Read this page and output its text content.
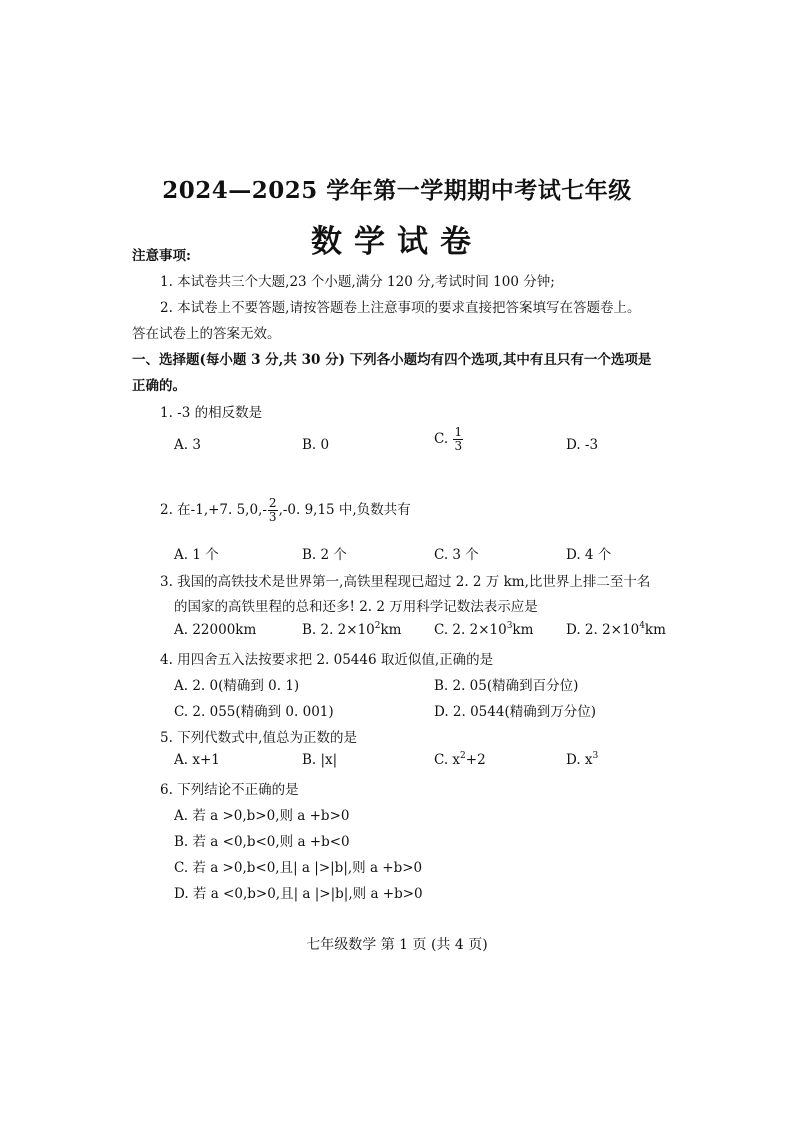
2024—2025 学年第一学期期中考试七年级
数学试卷
注意事项:
1. 本试卷共三个大题,23 个小题,满分 120 分,考试时间 100 分钟;
2. 本试卷上不要答题,请按答题卷上注意事项的要求直接把答案填写在答题卷上。
答在试卷上的答案无效。
一、选择题(每小题 3 分,共 30 分) 下列各小题均有四个选项,其中有且只有一个选项是
正确的。
1. -3 的相反数是
A. 3	B. 0	C. $\frac{1}{3}$	D. -3
2. 在-1,+7. $5,0,- \frac{2}{3} ,-0$. 9,15 中,负数共有
A. 1 个	B. 2 个	C. 3 个	D. 4 个
3. 我国的高铁技术是世界第一,高铁里程现已超过 2. 2 万 km,比世界上排二至十名
的国家的高铁里程的总和还多! 2. 2 万用科学记数法表示应是
A. 22000km	B. 2. $2\times 10^2km$ C. 2. $2\times 10^3km$ D. 2. $2\times 10^4km$
4. 用四舍五入法按要求把 2. 05446 取近似值,正确的是
A. 2. 0(精确到 0. 1)	B. 2. 05(精确到百分位)
C. 2. 055(精确到 0. 001)	D. 2. 0544(精确到万分位)
5. 下列代数式中,值总为正数的是
A. x+1	B. |x|	C. $x^2+2$	D. $x^3$
6. 下列结论不正确的是
A. 若 a >0,b>0,则 a +b>0
B. 若 a <0,b<0,则 a +b<0
C. 若 a >0,b<0,且| a |>|b|,则 a +b>0
D. 若 a <0,b>0,且| a |>|b|,则 a +b>0
七年级数学 第 1 页 (共 4 页)
